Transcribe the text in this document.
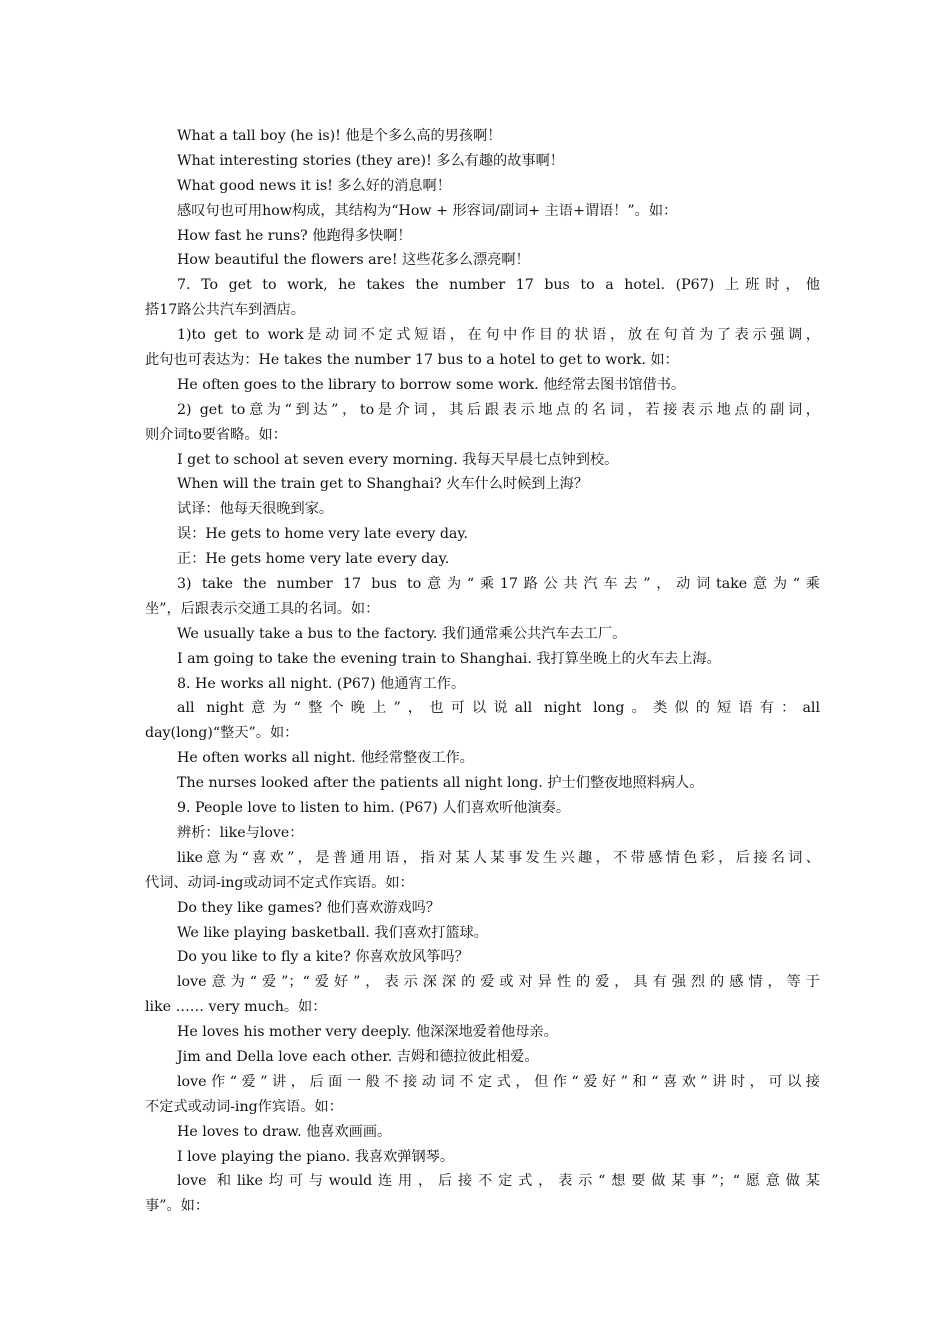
What a tall boy (he is)! 他是个多么高的男孩啊！
What interesting stories (they are)! 多么有趣的故事啊！
What good news it is! 多么好的消息啊！
感叹句也可用how构成，其结构为“How + 形容词/副词+ 主语+谓语！”。如：
How fast he runs? 他跑得多快啊！
How beautiful the flowers are! 这些花多么漂亮啊！
7. To get to work, he takes the number 17 bus to a hotel. (P67) 上班时，他
搭17路公共汽车到酒店。
1)to get to work是动词不定式短语，在句中作目的状语，放在句首为了表示强调，
此句也可表达为：He takes the number 17 bus to a hotel to get to work. 如：
He often goes to the library to borrow some work. 他经常去图书馆借书。
2) get to意为“到达”，to是介词，其后跟表示地点的名词，若接表示地点的副词，
则介词to要省略。如：
I get to school at seven every morning. 我每天早晨七点钟到校。
When will the train get to Shanghai? 火车什么时候到上海？
试译：他每天很晚到家。
误：He gets to home very late every day.
正：He gets home very late every day.
3) take the number 17 bus to意为“乘17路公共汽车去”，动词take意为“乘
坐”，后跟表示交通工具的名词。如：
We usually take a bus to the factory. 我们通常乘公共汽车去工厂。
I am going to take the evening train to Shanghai. 我打算坐晚上的火车去上海。
8. He works all night. (P67) 他通宵工作。
all night意为“整个晚上”，也可以说all night long。类似的短语有：all
day(long)“整天”。如：
He often works all night. 他经常整夜工作。
The nurses looked after the patients all night long. 护士们整夜地照料病人。
9. People love to listen to him. (P67) 人们喜欢听他演奏。
辨析：like与love：
like意为“喜欢”，是普通用语，指对某人某事发生兴趣，不带感情色彩，后接名词、
代词、动词-ing或动词不定式作宾语。如：
Do they like games? 他们喜欢游戏吗？
We like playing basketball. 我们喜欢打篮球。
Do you like to fly a kite? 你喜欢放风筝吗？
love意为“爱”；“爱好”，表示深深的爱或对异性的爱，具有强烈的感情，等于
like …… very much。如：
He loves his mother very deeply. 他深深地爱着他母亲。
Jim and Della love each other. 吉姆和德拉彼此相爱。
love作“爱”讲，后面一般不接动词不定式，但作“爱好”和“喜欢”讲时，可以接
不定式或动词-ing作宾语。如：
He loves to draw. 他喜欢画画。
I love playing the piano. 我喜欢弹钢琴。
love 和like均可与would连用，后接不定式，表示“想要做某事”；“愿意做某
事”。如：
